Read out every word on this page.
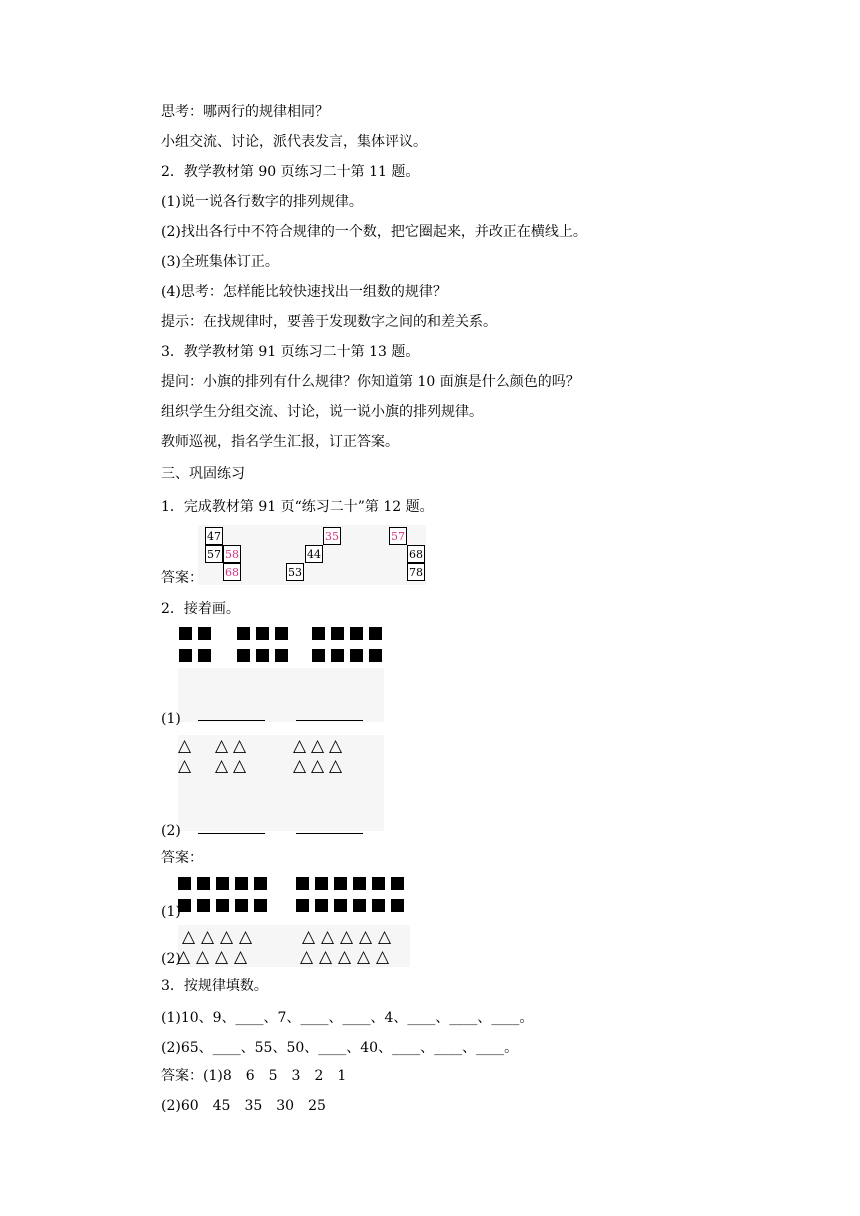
思考：哪两行的规律相同？
小组交流、讨论，派代表发言，集体评议。
2．教学教材第 90 页练习二十第 11 题。
(1)说一说各行数字的排列规律。
(2)找出各行中不符合规律的一个数，把它圈起来，并改正在横线上。
(3)全班集体订正。
(4)思考：怎样能比较快速找出一组数的规律？
提示：在找规律时，要善于发现数字之间的和差关系。
3．教学教材第 91 页练习二十第 13 题。
提问：小旗的排列有什么规律？你知道第 10 面旗是什么颜色的吗？
组织学生分组交流、讨论，说一说小旗的排列规律。
教师巡视，指名学生汇报，订正答案。
三、巩固练习
1．完成教材第 91 页“练习二十”第 12 题。
47
57 58
68
35
44
53
57
68
78
答案：
2．接着画。
(1)
△
△
△ △
△ △
△ △ △
△ △ △
(2)
答案：
(1)
△ △ △ △
△ △ △ △
△ △ △ △ △
△ △ △ △ △
(2)
3．按规律填数。
(1)10、9、____、7、____、____、4、____、____、____。
(2)65、____、55、50、____、40、____、____、____。
答案：(1)8　6　5　3　2　1
(2)60　45　35　30　25
